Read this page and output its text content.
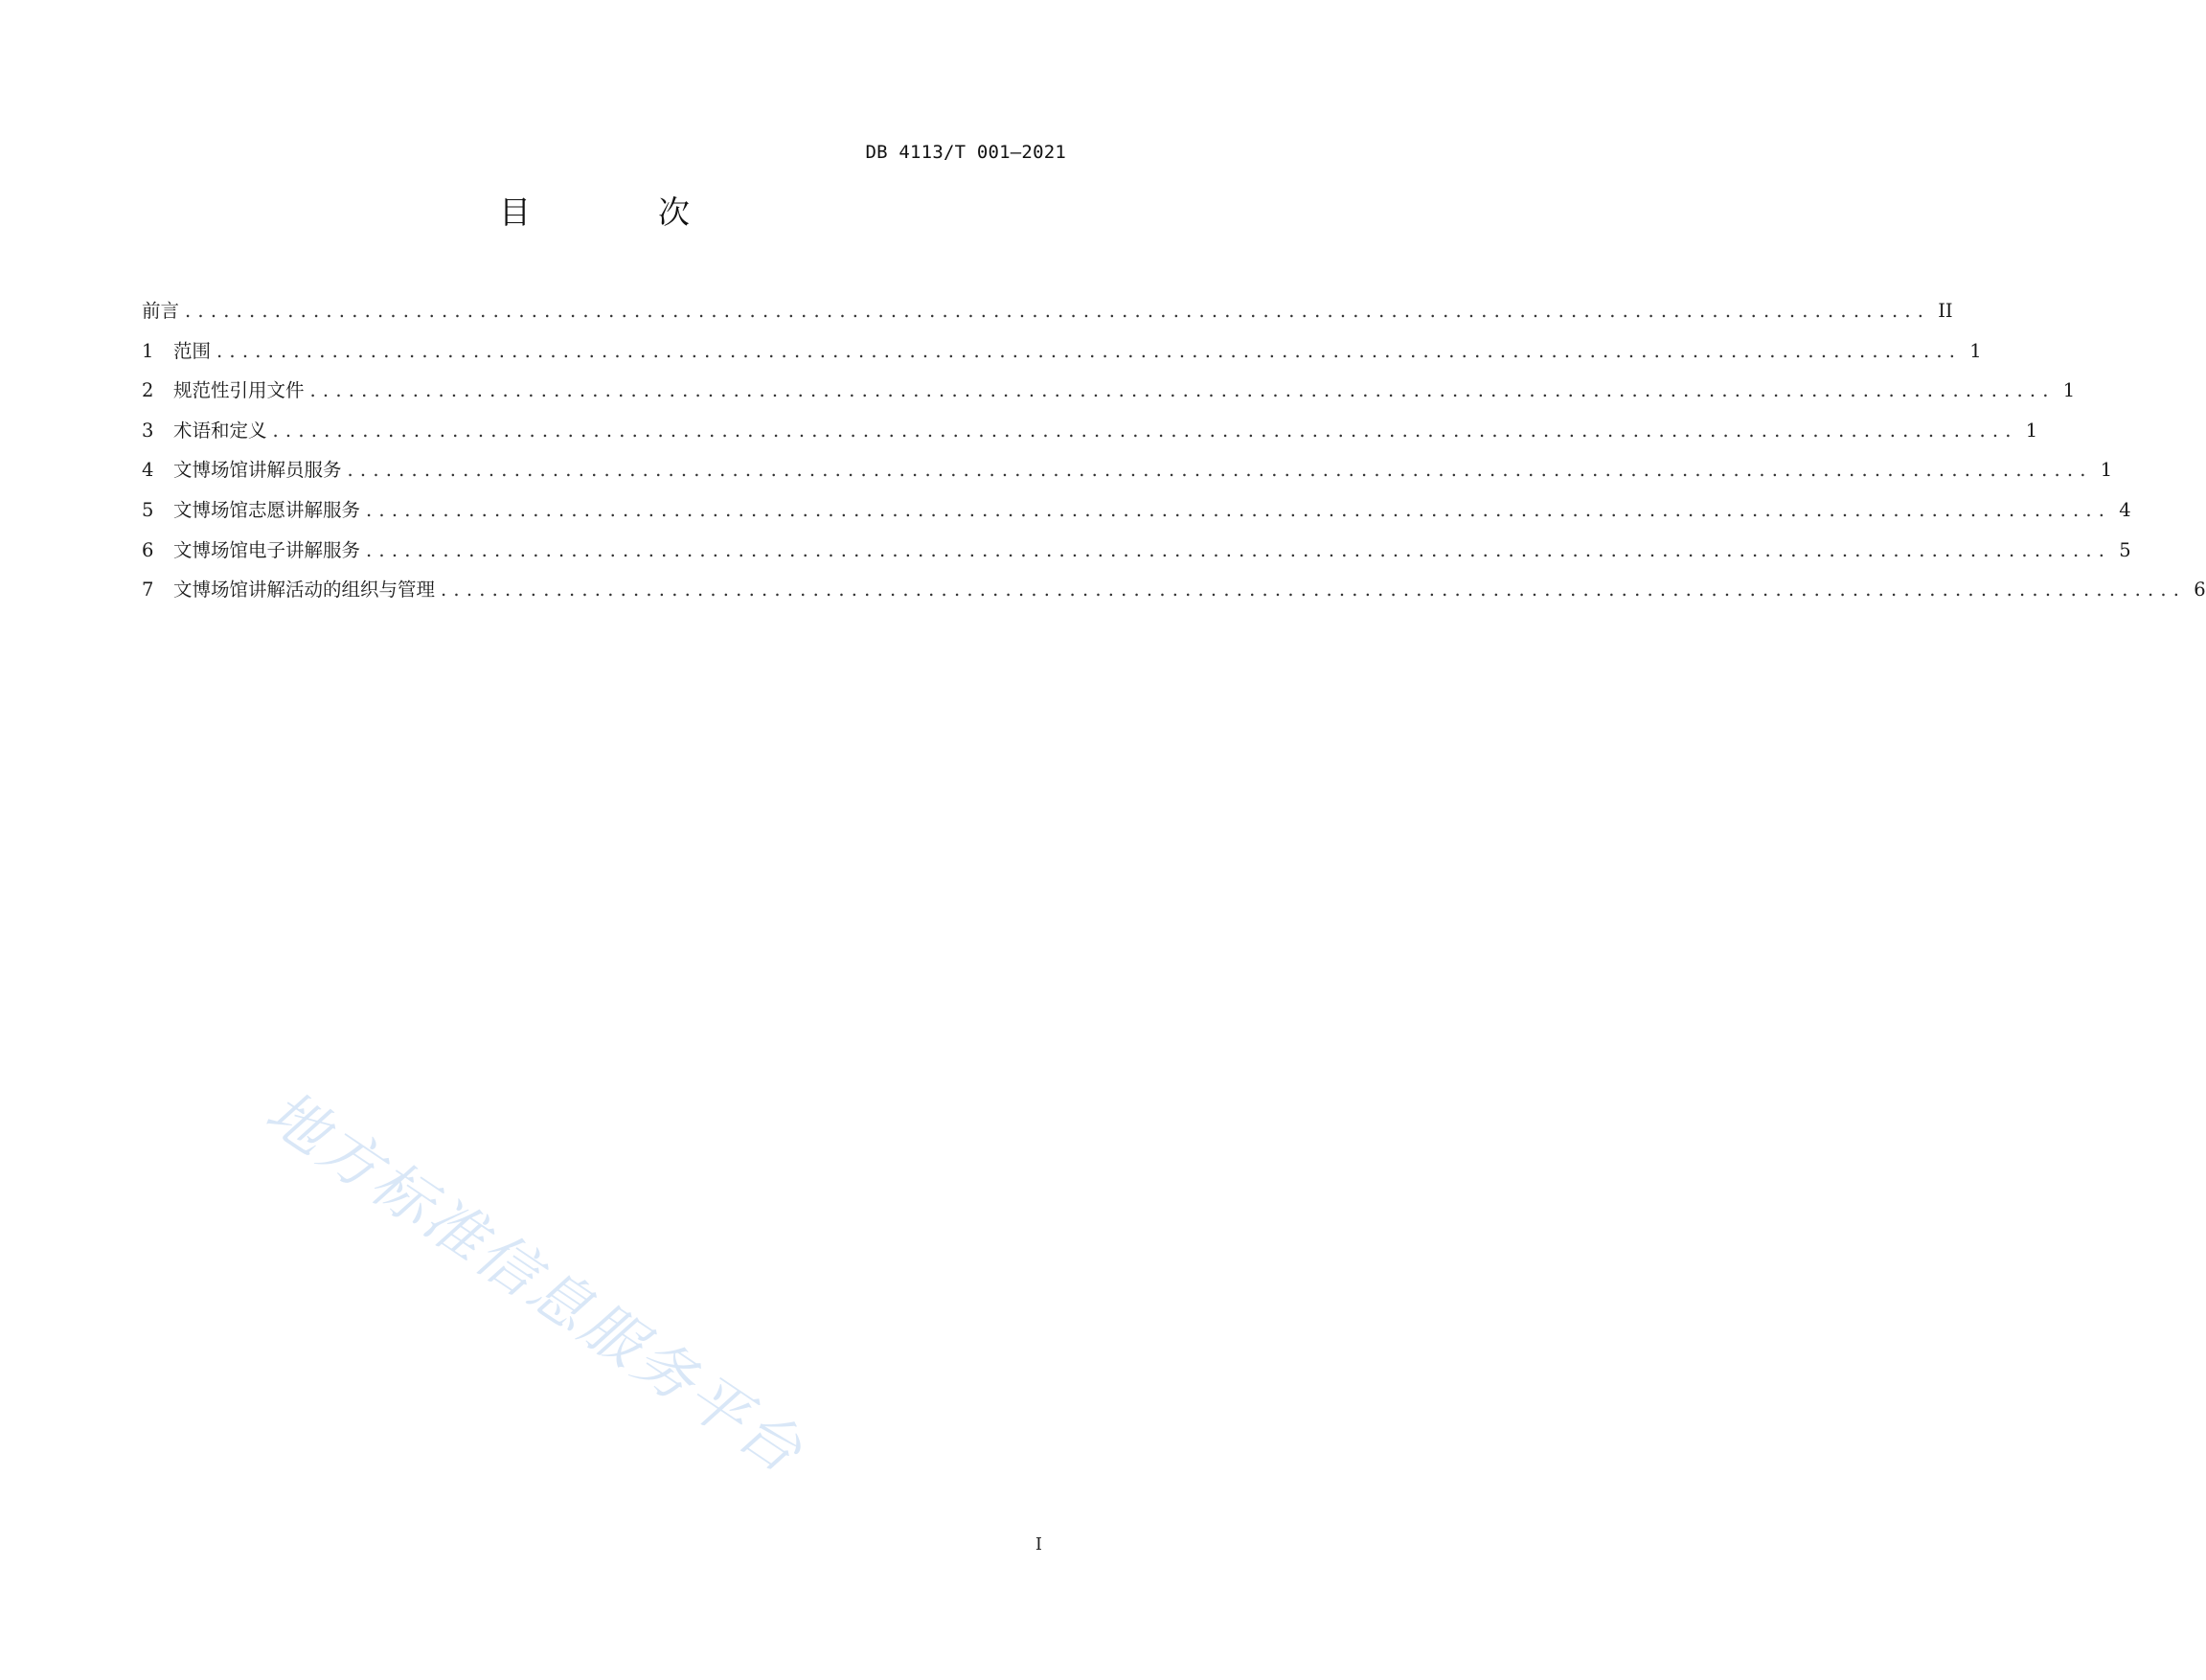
DB 4113/T 001—2021
目　次
前言 ........................................................................................................................................ II
1	范围 ........................................................................................................................................ 1
2	规范性引用文件 ........................................................................................................................................ 1
3	术语和定义 ........................................................................................................................................ 1
4	文博场馆讲解员服务 ........................................................................................................................................ 1
5	文博场馆志愿讲解服务 ........................................................................................................................................ 4
6	文博场馆电子讲解服务 ........................................................................................................................................ 5
7	文博场馆讲解活动的组织与管理 ........................................................................................................................................ 6
地方标准信息服务平台
I
